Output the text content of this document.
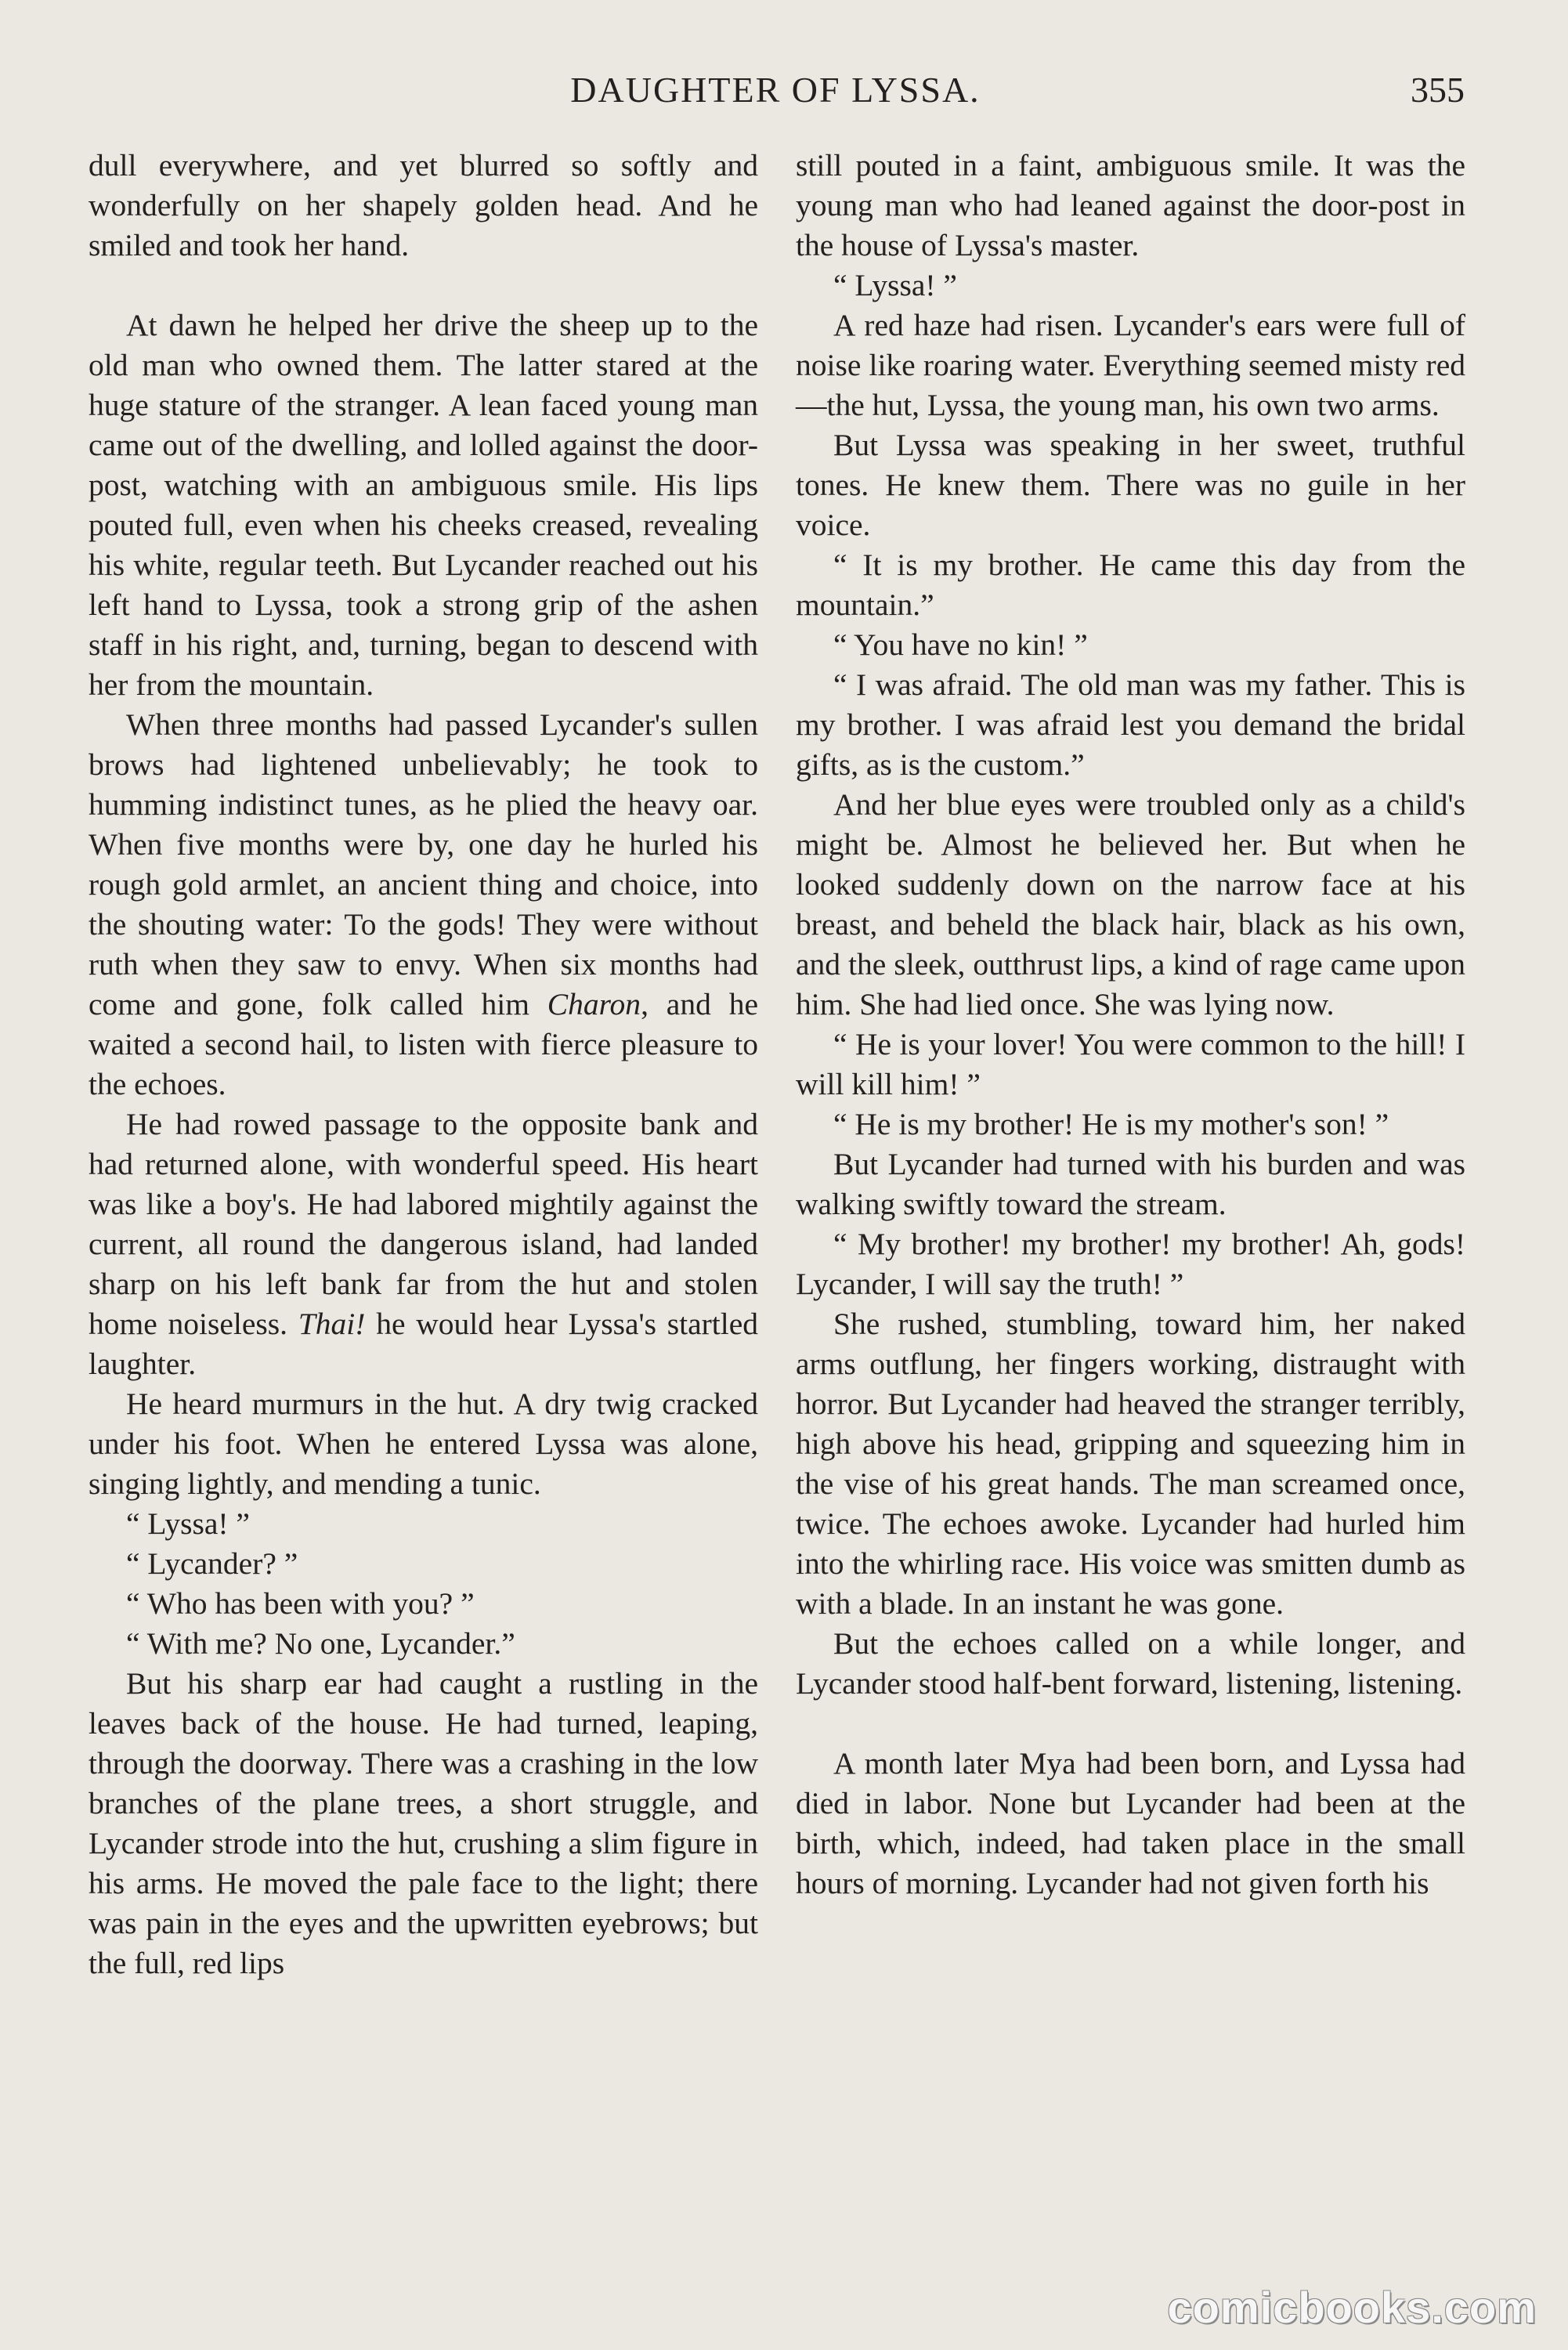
DAUGHTER OF LYSSA.	355

dull everywhere, and yet blurred so softly and wonderfully on her shapely golden head. And he smiled and took her hand.

At dawn he helped her drive the sheep up to the old man who owned them. The latter stared at the huge stature of the stranger. A lean faced young man came out of the dwelling, and lolled against the door-post, watching with an ambiguous smile. His lips pouted full, even when his cheeks creased, revealing his white, regular teeth. But Lycander reached out his left hand to Lyssa, took a strong grip of the ashen staff in his right, and, turning, began to descend with her from the mountain.

When three months had passed Lycander's sullen brows had lightened unbelievably; he took to humming indistinct tunes, as he plied the heavy oar. When five months were by, one day he hurled his rough gold armlet, an ancient thing and choice, into the shouting water: To the gods! They were without ruth when they saw to envy. When six months had come and gone, folk called him Charon, and he waited a second hail, to listen with fierce pleasure to the echoes.

He had rowed passage to the opposite bank and had returned alone, with wonderful speed. His heart was like a boy's. He had labored mightily against the current, all round the dangerous island, had landed sharp on his left bank far from the hut and stolen home noiseless. Thai! he would hear Lyssa's startled laughter.

He heard murmurs in the hut. A dry twig cracked under his foot. When he entered Lyssa was alone, singing lightly, and mending a tunic.

“ Lyssa! ”

“ Lycander? ”

“ Who has been with you? ”

“ With me? No one, Lycander.”

But his sharp ear had caught a rustling in the leaves back of the house. He had turned, leaping, through the doorway. There was a crashing in the low branches of the plane trees, a short struggle, and Lycander strode into the hut, crushing a slim figure in his arms. He moved the pale face to the light; there was pain in the eyes and the upwritten eyebrows; but the full, red lips

still pouted in a faint, ambiguous smile. It was the young man who had leaned against the door-post in the house of Lyssa's master.

“ Lyssa! ”

A red haze had risen. Lycander's ears were full of noise like roaring water. Everything seemed misty red—the hut, Lyssa, the young man, his own two arms.

But Lyssa was speaking in her sweet, truthful tones. He knew them. There was no guile in her voice.

“ It is my brother. He came this day from the mountain.”

“ You have no kin! ”

“ I was afraid. The old man was my father. This is my brother. I was afraid lest you demand the bridal gifts, as is the custom.”

And her blue eyes were troubled only as a child's might be. Almost he believed her. But when he looked suddenly down on the narrow face at his breast, and beheld the black hair, black as his own, and the sleek, outthrust lips, a kind of rage came upon him. She had lied once. She was lying now.

“ He is your lover! You were common to the hill! I will kill him! ”

“ He is my brother! He is my mother's son! ”

But Lycander had turned with his burden and was walking swiftly toward the stream.

“ My brother! my brother! my brother! Ah, gods! Lycander, I will say the truth! ”

She rushed, stumbling, toward him, her naked arms outflung, her fingers working, distraught with horror. But Lycander had heaved the stranger terribly, high above his head, gripping and squeezing him in the vise of his great hands. The man screamed once, twice. The echoes awoke. Lycander had hurled him into the whirling race. His voice was smitten dumb as with a blade. In an instant he was gone.

But the echoes called on a while longer, and Lycander stood half-bent forward, listening, listening.

A month later Mya had been born, and Lyssa had died in labor. None but Lycander had been at the birth, which, indeed, had taken place in the small hours of morning. Lycander had not given forth his

comicbooks.com
